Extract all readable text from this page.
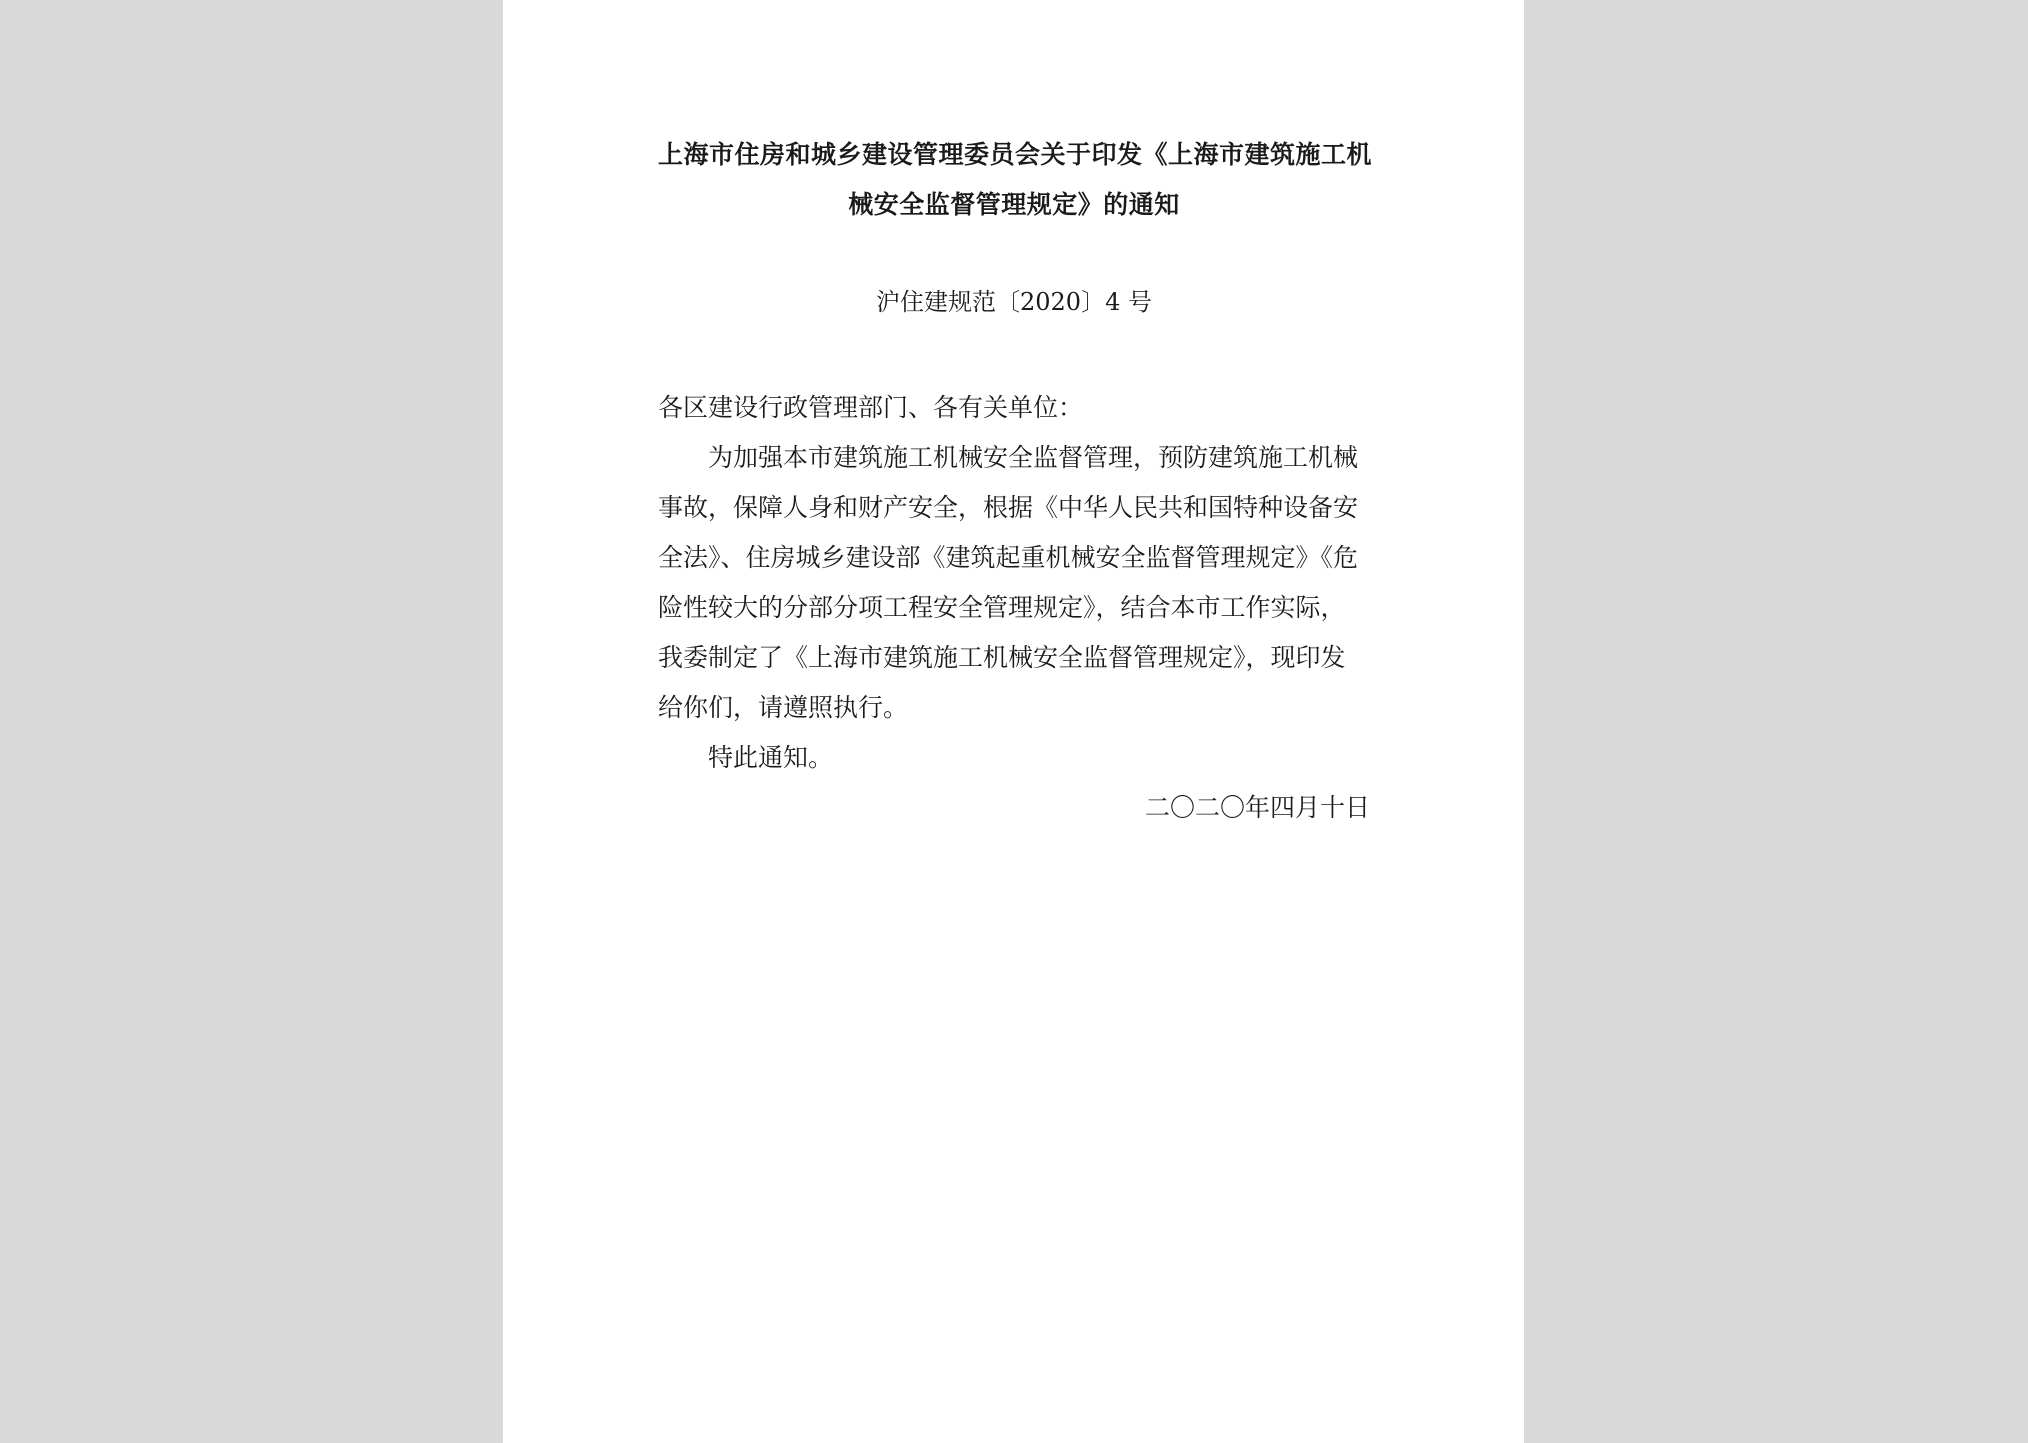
上海市住房和城乡建设管理委员会关于印发《上海市建筑施工机
械安全监督管理规定》的通知
沪住建规范〔2020〕4 号
各区建设行政管理部门、各有关单位：
为加强本市建筑施工机械安全监督管理，预防建筑施工机械
事故，保障人身和财产安全，根据《中华人民共和国特种设备安
全法》、住房城乡建设部《建筑起重机械安全监督管理规定》《危
险性较大的分部分项工程安全管理规定》，结合本市工作实际，
我委制定了《上海市建筑施工机械安全监督管理规定》，现印发
给你们，请遵照执行。
特此通知。
二〇二〇年四月十日
